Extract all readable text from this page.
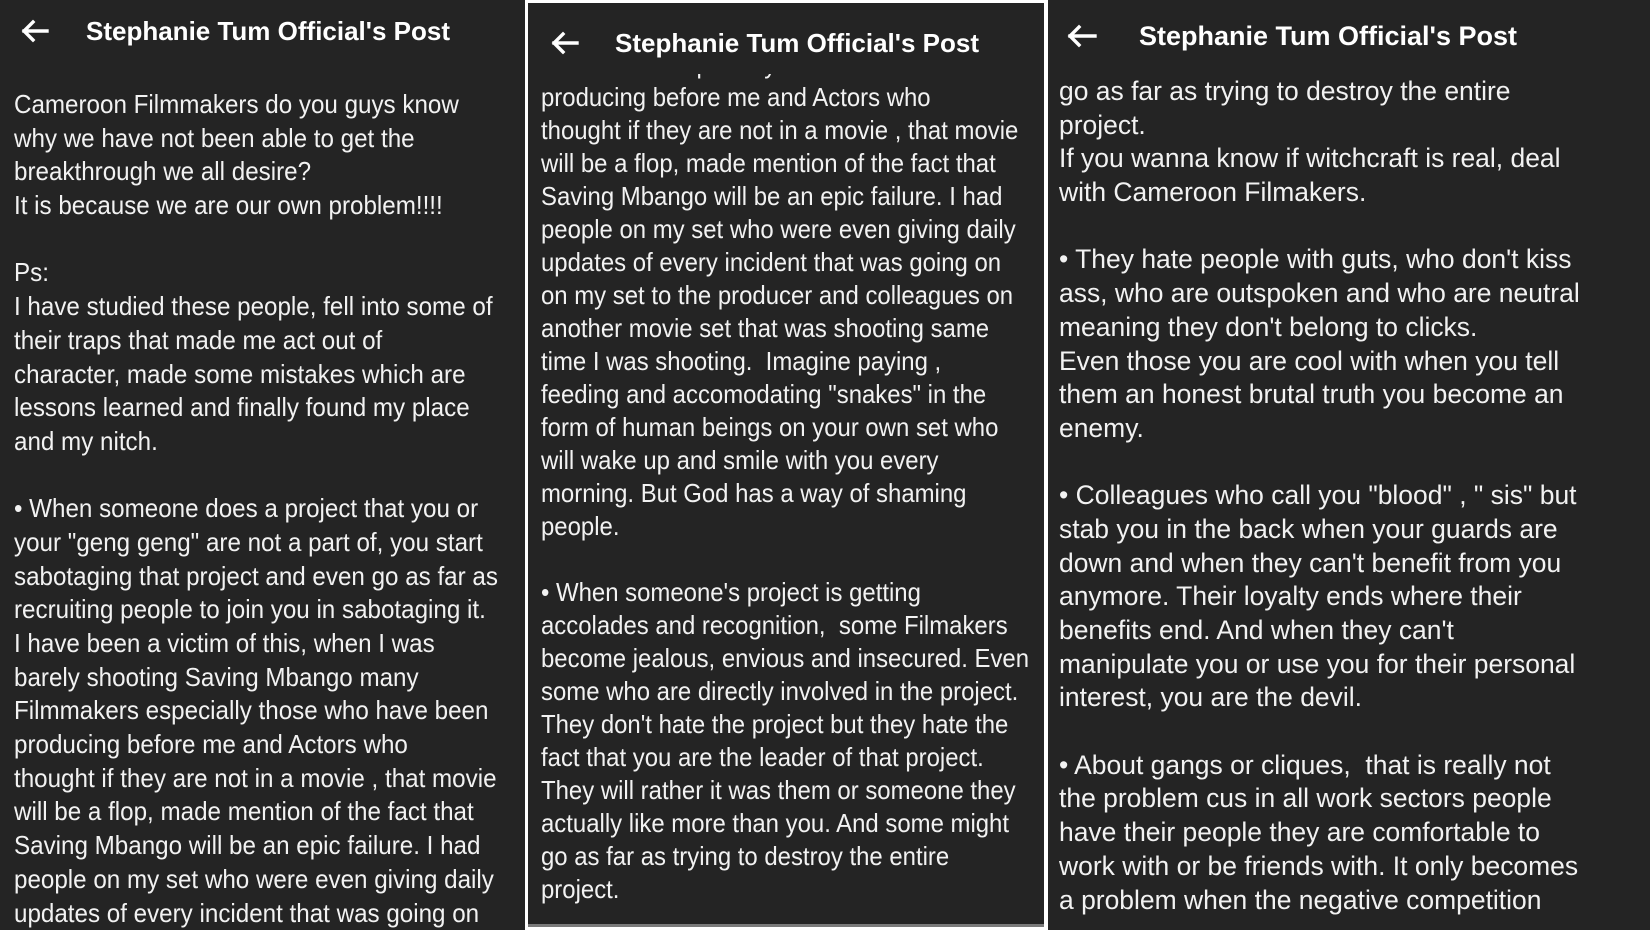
Stephanie Tum Official's Post
Cameroon Filmmakers do you guys know
why we have not been able to get the
breakthrough we all desire?
It is because we are our own problem!!!!
Ps:
I have studied these people, fell into some of
their traps that made me act out of
character, made some mistakes which are
lessons learned and finally found my place
and my nitch.
• When someone does a project that you or
your "geng geng" are not a part of, you start
sabotaging that project and even go as far as
recruiting people to join you in sabotaging it.
I have been a victim of this, when I was
barely shooting Saving Mbango many
Filmmakers especially those who have been
producing before me and Actors who
thought if they are not in a movie , that movie
will be a flop, made mention of the fact that
Saving Mbango will be an epic failure. I had
people on my set who were even giving daily
updates of every incident that was going on
Stephanie Tum Official's Post
producing before me and Actors who
thought if they are not in a movie , that movie
will be a flop, made mention of the fact that
Saving Mbango will be an epic failure. I had
people on my set who were even giving daily
updates of every incident that was going on
on my set to the producer and colleagues on
another movie set that was shooting same
time I was shooting.  Imagine paying ,
feeding and accomodating "snakes" in the
form of human beings on your own set who
will wake up and smile with you every
morning. But God has a way of shaming
people.
• When someone's project is getting
accolades and recognition,  some Filmakers
become jealous, envious and insecured. Even
some who are directly involved in the project.
They don't hate the project but they hate the
fact that you are the leader of that project.
They will rather it was them or someone they
actually like more than you. And some might
go as far as trying to destroy the entire
project.
Stephanie Tum Official's Post
go as far as trying to destroy the entire
project.
If you wanna know if witchcraft is real, deal
with Cameroon Filmakers.
• They hate people with guts, who don't kiss
ass, who are outspoken and who are neutral
meaning they don't belong to clicks.
Even those you are cool with when you tell
them an honest brutal truth you become an
enemy.
• Colleagues who call you "blood" , " sis" but
stab you in the back when your guards are
down and when they can't benefit from you
anymore. Their loyalty ends where their
benefits end. And when they can't
manipulate you or use you for their personal
interest, you are the devil.
• About gangs or cliques,  that is really not
the problem cus in all work sectors people
have their people they are comfortable to
work with or be friends with. It only becomes
a problem when the negative competition
